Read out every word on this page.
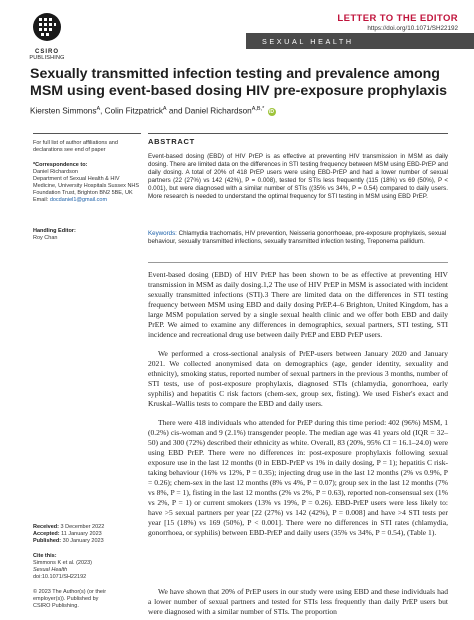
CSIRO
PUBLISHING
LETTER TO THE EDITOR
https://doi.org/10.1071/SH22192
SEXUAL HEALTH
Sexually transmitted infection testing and prevalence among MSM using event-based dosing HIV pre-exposure prophylaxis
Kiersten Simmons$^A$, Colin Fitzpatrick$^A$ and Daniel Richardson$^{A,B,*}$ iD
For full list of author affiliations and
declarations see end of paper
*Correspondence to:
Daniel Richardson
Department of Sexual Health & HIV
Medicine, University Hospitals Sussex NHS
Foundation Trust, Brighton BN2 5BE, UK
Email: docdaniel1@gmail.com
Handling Editor:
Roy Chan
Received: 3 December 2022
Accepted: 11 January 2023
Published: 30 January 2023
Cite this:
Simmons K et al. (2023)
Sexual Health
doi:10.1071/SH22192
© 2023 The Author(s) (or their
employer(s)). Published by
CSIRO Publishing.
ABSTRACT
Event-based dosing (EBD) of HIV PrEP is as effective at preventing HIV transmission in MSM as daily dosing. There are limited data on the differences in STI testing frequency between MSM using EBD-PrEP and daily dosing. A total of 20% of 418 PrEP users were using EBD-PrEP and had a lower number of sexual partners (22 (27%) vs 142 (42%), P = 0.008), tested for STIs less frequently (115 (18%) vs 69 (50%), P < 0.001), but were diagnosed with a similar number of STIs ((35% vs 34%, P = 0.54) compared to daily users. More research is needed to understand the optimal frequency for STI testing in MSM using EBD PrEP.
Keywords: Chlamydia trachomatis, HIV prevention, Neisseria gonorrhoeae, pre-exposure prophylaxis, sexual behaviour, sexually transmitted infections, sexually transmitted infection testing, Treponema pallidum.
Event-based dosing (EBD) of HIV PrEP has been shown to be as effective at preventing HIV transmission in MSM as daily dosing.1,2 The use of HIV PrEP in MSM is associated with incident sexually transmitted infections (STI).3 There are limited data on the differences in STI testing frequency between MSM using EBD and daily dosing PrEP.4–6 Brighton, United Kingdom, has a large MSM population served by a single sexual health clinic and we offer both EBD and daily PrEP. We aimed to examine any differences in demographics, sexual partners, STI testing, STI incidence and recreational drug use between daily PrEP and EBD PrEP users.
We performed a cross-sectional analysis of PrEP-users between January 2020 and January 2021. We collected anonymised data on demographics (age, gender identity, sexuality and ethnicity), smoking status, reported number of sexual partners in the previous 3 months, number of STI tests, use of post-exposure prophylaxis, diagnosed STIs (chlamydia, gonorrhoea, early syphilis) and hepatitis C risk factors (chem-sex, group sex, fisting). We used Fisher's exact and Kruskal–Wallis tests to compare the EBD and daily users.
There were 418 individuals who attended for PrEP during this time period: 402 (96%) MSM, 1 (0.2%) cis-woman and 9 (2.1%) transgender people. The median age was 41 years old (IQR = 32–50) and 300 (72%) described their ethnicity as white. Overall, 83 (20%, 95% CI = 16.1–24.0) were using EBD PrEP. There were no differences in: post-exposure prophylaxis following sexual exposure use in the last 12 months (0 in EBD-PrEP vs 1% in daily dosing, P = 1); hepatitis C risk-taking behaviour (16% vs 12%, P = 0.35); injecting drug use in the last 12 months (2% vs 0.9%, P = 0.26); chem-sex in the last 12 months (8% vs 4%, P = 0.07); group sex in the last 12 months (7% vs 8%, P = 1), fisting in the last 12 months (2% vs 2%, P = 0.63), reported non-consensual sex (1% vs 2%, P = 1) or current smokers (13% vs 19%, P = 0.26). EBD-PrEP users were less likely to: have >5 sexual partners per year [22 (27%) vs 142 (42%), P = 0.008] and have >4 STI tests per year [15 (18%) vs 169 (50%), P < 0.001]. There were no differences in STI rates (chlamydia, gonorrhoea, or syphilis) between EBD-PrEP and daily users (35% vs 34%, P = 0.54), (Table 1).
We have shown that 20% of PrEP users in our study were using EBD and these individuals had a lower number of sexual partners and tested for STIs less frequently than daily PrEP users but were diagnosed with a similar number of STIs. The proportion
